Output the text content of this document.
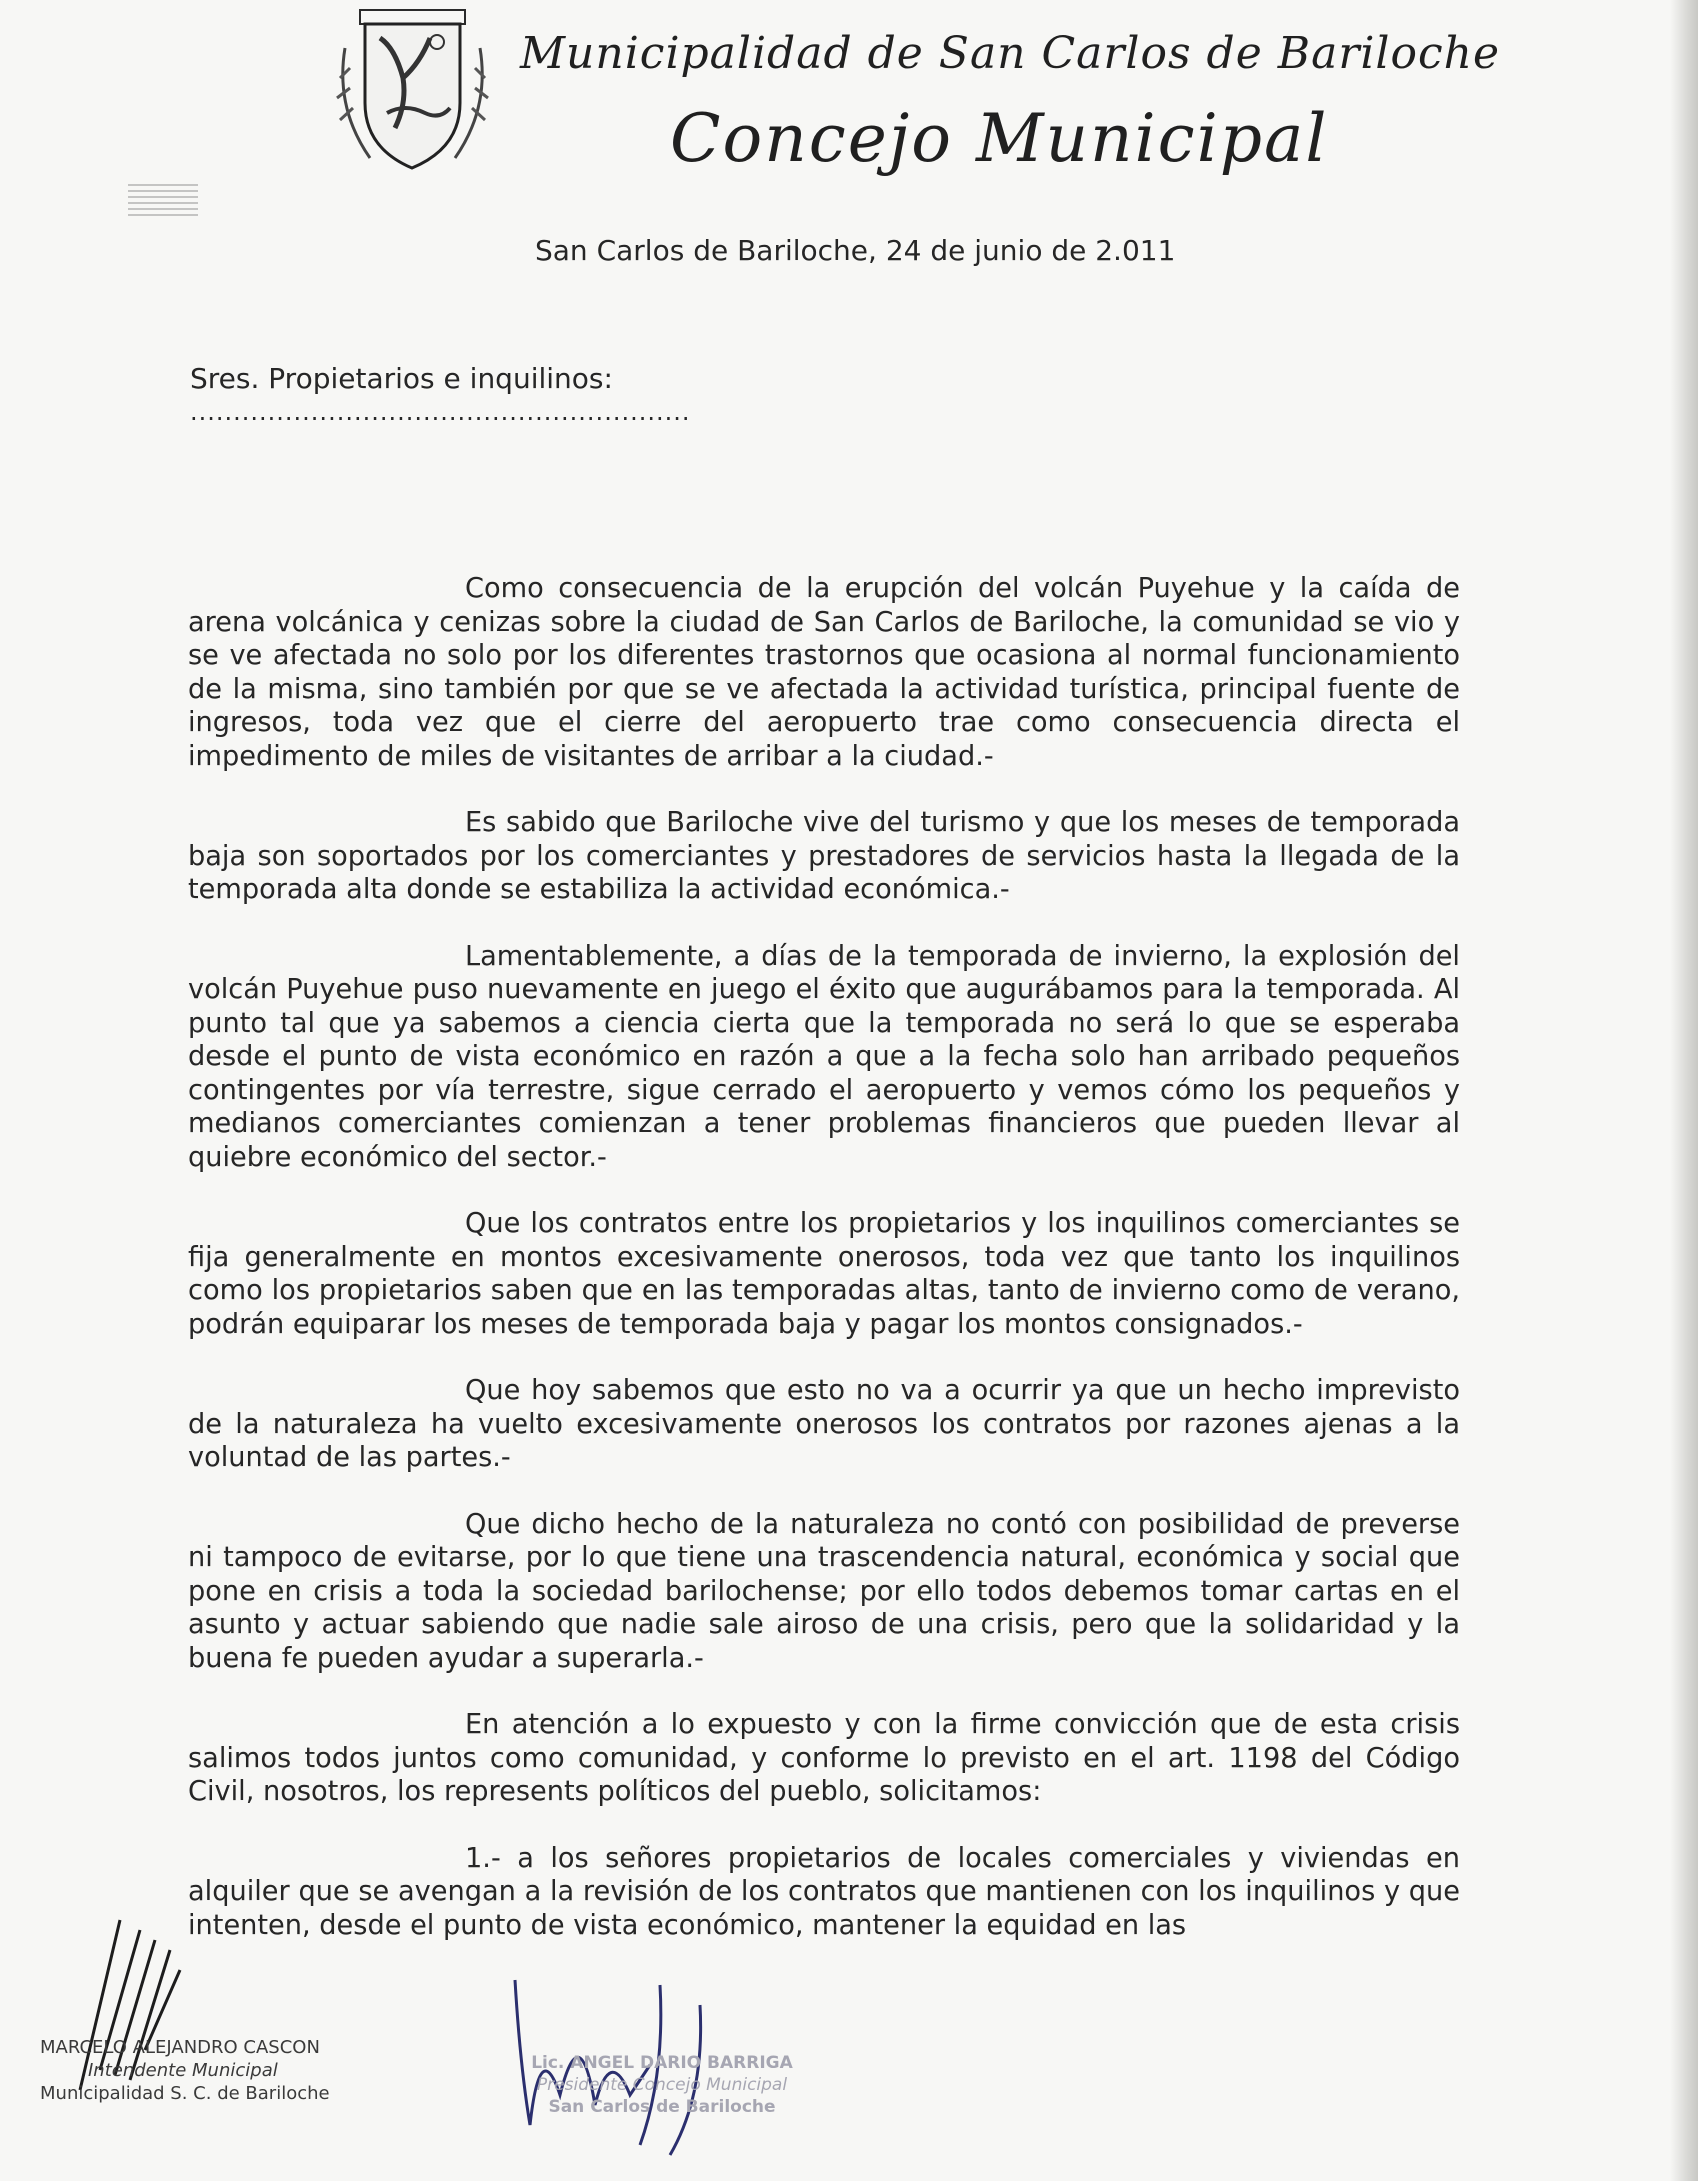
Municipalidad de San Carlos de Bariloche
Concejo Municipal
San Carlos de Bariloche, 24 de junio de 2.011
Sres. Propietarios e inquilinos:
..........................................................

Como consecuencia de la erupción del volcán Puyehue y la caída de arena volcánica y cenizas sobre la ciudad de San Carlos de Bariloche, la comunidad se vio y se ve afectada no solo por los diferentes trastornos que ocasiona al normal funcionamiento de la misma, sino también por que se ve afectada la actividad turística, principal fuente de ingresos, toda vez que el cierre del aeropuerto trae como consecuencia directa el impedimento de miles de visitantes de arribar a la ciudad.-

Es sabido que Bariloche vive del turismo y que los meses de temporada baja son soportados por los comerciantes y prestadores de servicios hasta la llegada de la temporada alta donde se estabiliza la actividad económica.-

Lamentablemente, a días de la temporada de invierno, la explosión del volcán Puyehue puso nuevamente en juego el éxito que augurábamos para la temporada. Al punto tal que ya sabemos a ciencia cierta que la temporada no será lo que se esperaba desde el punto de vista económico en razón a que a la fecha solo han arribado pequeños contingentes por vía terrestre, sigue cerrado el aeropuerto y vemos cómo los pequeños y medianos comerciantes comienzan a tener problemas financieros que pueden llevar al quiebre económico del sector.-

Que los contratos entre los propietarios y los inquilinos comerciantes se fija generalmente en montos excesivamente onerosos, toda vez que tanto los inquilinos como los propietarios saben que en las temporadas altas, tanto de invierno como de verano, podrán equiparar los meses de temporada baja y pagar los montos consignados.-

Que hoy sabemos que esto no va a ocurrir ya que un hecho imprevisto de la naturaleza ha vuelto excesivamente onerosos los contratos por razones ajenas a la voluntad de las partes.-

Que dicho hecho de la naturaleza no contó con posibilidad de preverse ni tampoco de evitarse, por lo que tiene una trascendencia natural, económica y social que pone en crisis a toda la sociedad barilochense; por ello todos debemos tomar cartas en el asunto y actuar sabiendo que nadie sale airoso de una crisis, pero que la solidaridad y la buena fe pueden ayudar a superarla.-

En atención a lo expuesto y con la firme convicción que de esta crisis salimos todos juntos como comunidad, y conforme lo previsto en el art. 1198 del Código Civil, nosotros, los represents políticos del pueblo, solicitamos:

1.- a los señores propietarios de locales comerciales y viviendas en alquiler que se avengan a la revisión de los contratos que mantienen con los inquilinos y que intenten, desde el punto de vista económico, mantener la equidad en las

MARCELO ALEJANDRO CASCON
Intendente Municipal
Municipalidad S. C. de Bariloche
Lic. ANGEL DARIO BARRIGA
Presidente Concejo Municipal
San Carlos de Bariloche
